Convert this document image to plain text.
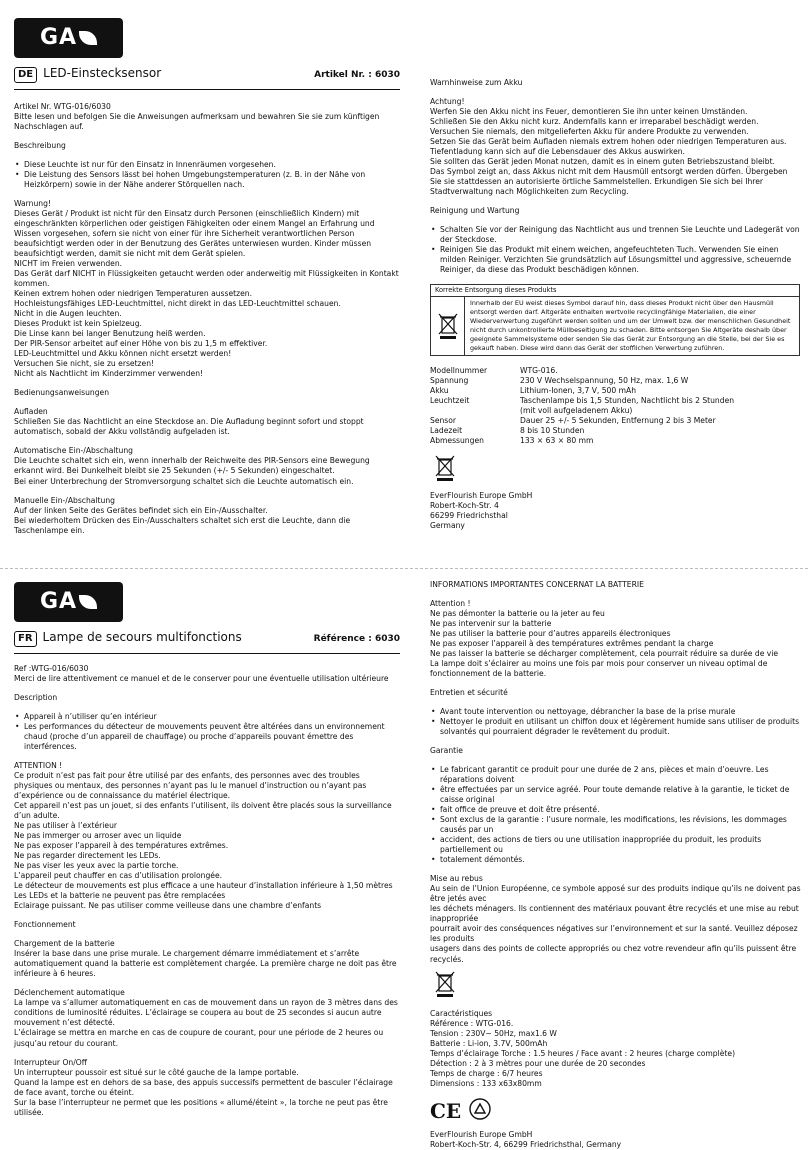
GA
DE LED-Einstecksensor	Artikel Nr. : 6030

Artikel Nr. WTG-016/6030
Bitte lesen und befolgen Sie die Anweisungen aufmerksam und bewahren Sie sie zum künftigen Nachschlagen auf.

Beschreibung

• Diese Leuchte ist nur für den Einsatz in Innenräumen vorgesehen.
• Die Leistung des Sensors lässt bei hohen Umgebungstemperaturen (z. B. in der Nähe von Heizkörpern) sowie in der Nähe anderer Störquellen nach.

Warnung!
Dieses Gerät / Produkt ist nicht für den Einsatz durch Personen (einschließlich Kindern) mit eingeschränkten körperlichen oder geistigen Fähigkeiten oder einem Mangel an Erfahrung und Wissen vorgesehen, sofern sie nicht von einer für ihre Sicherheit verantwortlichen Person beaufsichtigt werden oder in der Benutzung des Gerätes unterwiesen wurden. Kinder müssen beaufsichtigt werden, damit sie nicht mit dem Gerät spielen.
NICHT im Freien verwenden.
Das Gerät darf NICHT in Flüssigkeiten getaucht werden oder anderweitig mit Flüssigkeiten in Kontakt kommen.
Keinen extrem hohen oder niedrigen Temperaturen aussetzen.
Hochleistungsfähiges LED-Leuchtmittel, nicht direkt in das LED-Leuchtmittel schauen.
Nicht in die Augen leuchten.
Dieses Produkt ist kein Spielzeug.
Die Linse kann bei langer Benutzung heiß werden.
Der PIR-Sensor arbeitet auf einer Höhe von bis zu 1,5 m effektiver.
LED-Leuchtmittel und Akku können nicht ersetzt werden!
Versuchen Sie nicht, sie zu ersetzen!
Nicht als Nachtlicht im Kinderzimmer verwenden!

Bedienungsanweisungen

Aufladen
Schließen Sie das Nachtlicht an eine Steckdose an. Die Aufladung beginnt sofort und stoppt automatisch, sobald der Akku vollständig aufgeladen ist.

Automatische Ein-/Abschaltung
Die Leuchte schaltet sich ein, wenn innerhalb der Reichweite des PIR-Sensors eine Bewegung erkannt wird. Bei Dunkelheit bleibt sie 25 Sekunden (+/- 5 Sekunden) eingeschaltet.
Bei einer Unterbrechung der Stromversorgung schaltet sich die Leuchte automatisch ein.

Manuelle Ein-/Abschaltung
Auf der linken Seite des Gerätes befindet sich ein Ein-/Ausschalter.
Bei wiederholtem Drücken des Ein-/Ausschalters schaltet sich erst die Leuchte, dann die Taschenlampe ein.

Warnhinweise zum Akku

Achtung!
Werfen Sie den Akku nicht ins Feuer, demontieren Sie ihn unter keinen Umständen.
Schließen Sie den Akku nicht kurz. Andernfalls kann er irreparabel beschädigt werden.
Versuchen Sie niemals, den mitgelieferten Akku für andere Produkte zu verwenden.
Setzen Sie das Gerät beim Aufladen niemals extrem hohen oder niedrigen Temperaturen aus.
Tiefentladung kann sich auf die Lebensdauer des Akkus auswirken.
Sie sollten das Gerät jeden Monat nutzen, damit es in einem guten Betriebszustand bleibt.
Das Symbol zeigt an, dass Akkus nicht mit dem Hausmüll entsorgt werden dürfen. Übergeben Sie sie stattdessen an autorisierte örtliche Sammelstellen. Erkundigen Sie sich bei Ihrer Stadtverwaltung nach Möglichkeiten zum Recycling.

Reinigung und Wartung

• Schalten Sie vor der Reinigung das Nachtlicht aus und trennen Sie Leuchte und Ladegerät von der Steckdose.
• Reinigen Sie das Produkt mit einem weichen, angefeuchteten Tuch. Verwenden Sie einen milden Reiniger. Verzichten Sie grundsätzlich auf Lösungsmittel und aggressive, scheuernde Reiniger, da diese das Produkt beschädigen können.
Korrekte Entsorgung dieses Produkts
Innerhalb der EU weist dieses Symbol darauf hin, dass dieses Produkt nicht über den Hausmüll entsorgt werden darf. Altgeräte enthalten wertvolle recyclingfähige Materialien, die einer Wiederverwertung zugeführt werden sollten und um der Umwelt bzw. der menschlichen Gesundheit nicht durch unkontrollierte Müllbeseitigung zu schaden. Bitte entsorgen Sie Altgeräte deshalb über geeignete Sammelsysteme oder senden Sie das Gerät zur Entsorgung an die Stelle, bei der Sie es gekauft haben. Diese wird dann das Gerät der stofflichen Verwertung zuführen.
Modellnummer	WTG-016.
Spannung	230 V Wechselspannung, 50 Hz, max. 1,6 W
Akku	Lithium-Ionen, 3,7 V, 500 mAh
Leuchtzeit	Taschenlampe bis 1,5 Stunden, Nachtlicht bis 2 Stunden
(mit voll aufgeladenem Akku)
Sensor	Dauer 25 +/- 5 Sekunden, Entfernung 2 bis 3 Meter
Ladezeit	8 bis 10 Stunden
Abmessungen	133 × 63 × 80 mm

EverFlourish Europe GmbH
Robert-Koch-Str. 4
66299 Friedrichsthal
Germany

GA
FR Lampe de secours multifonctions	Référence : 6030

Ref :WTG-016/6030
Merci de lire attentivement ce manuel et de le conserver pour une éventuelle utilisation ultérieure

Description

• Appareil à n’utiliser qu’en intérieur
• Les performances du détecteur de mouvements peuvent être altérées dans un environnement chaud (proche d’un appareil de chauffage) ou proche d’appareils pouvant émettre des interférences.

ATTENTION !
Ce produit n’est pas fait pour être utilisé par des enfants, des personnes avec des troubles physiques ou mentaux, des personnes n’ayant pas lu le manuel d’instruction ou n’ayant pas d’expérience ou de connaissance du matériel électrique.
Cet appareil n’est pas un jouet, si des enfants l’utilisent, ils doivent être placés sous la surveillance d’un adulte.
Ne pas utiliser à l’extérieur
Ne pas immerger ou arroser avec un liquide
Ne pas exposer l’appareil à des températures extrêmes.
Ne pas regarder directement les LEDs.
Ne pas viser les yeux avec la partie torche.
L’appareil peut chauffer en cas d’utilisation prolongée.
Le détecteur de mouvements est plus efficace a une hauteur d’installation inférieure à 1,50 mètres
Les LEDs et la batterie ne peuvent pas être remplacées
Eclairage puissant. Ne pas utiliser comme veilleuse dans une chambre d’enfants

Fonctionnement

Chargement de la batterie
Insérer la base dans une prise murale. Le chargement démarre immédiatement et s’arrête automatiquement quand la batterie est complètement chargée. La première charge ne doit pas être inférieure à 6 heures.

Déclenchement automatique
La lampe va s’allumer automatiquement en cas de mouvement dans un rayon de 3 mètres dans des conditions de luminosité réduites. L’éclairage se coupera au bout de 25 secondes si aucun autre mouvement n’est détecté.
L’éclairage se mettra en marche en cas de coupure de courant, pour une période de 2 heures ou jusqu’au retour du courant.

Interrupteur On/Off
Un interrupteur poussoir est situé sur le côté gauche de la lampe portable.
Quand la lampe est en dehors de sa base, des appuis successifs permettent de basculer l’éclairage de face avant, torche ou éteint.
Sur la base l’interrupteur ne permet que les positions « allumé/éteint », la torche ne peut pas être utilisée.

INFORMATIONS IMPORTANTES CONCERNAT LA BATTERIE

Attention !
Ne pas démonter la batterie ou la jeter au feu
Ne pas intervenir sur la batterie
Ne pas utiliser la batterie pour d’autres appareils électroniques
Ne pas exposer l’appareil à des températures extrêmes pendant la charge
Ne pas laisser la batterie se décharger complètement, cela pourrait réduire sa durée de vie
La lampe doit s’éclairer au moins une fois par mois pour conserver un niveau optimal de fonctionnement de la batterie.

Entretien et sécurité

• Avant toute intervention ou nettoyage, débrancher la base de la prise murale
• Nettoyer le produit en utilisant un chiffon doux et légèrement humide sans utiliser de produits solvantés qui pourraient dégrader le revêtement du produit.

Garantie

• Le fabricant garantit ce produit pour une durée de 2 ans, pièces et main d’oeuvre. Les réparations doivent
• être effectuées par un service agréé. Pour toute demande relative à la garantie, le ticket de caisse original
• fait office de preuve et doit être présenté.
• Sont exclus de la garantie : l’usure normale, les modifications, les révisions, les dommages causés par un
• accident, des actions de tiers ou une utilisation inappropriée du produit, les produits partiellement ou
• totalement démontés.

Mise au rebus
Au sein de l’Union Européenne, ce symbole apposé sur des produits indique qu’ils ne doivent pas être jetés avec
les déchets ménagers. Ils contiennent des matériaux pouvant être recyclés et une mise au rebut inappropriée
pourrait avoir des conséquences négatives sur l’environnement et sur la santé. Veuillez déposez les produits
usagers dans des points de collecte appropriés ou chez votre revendeur afin qu’ils puissent être recyclés.

Caractéristiques
Référence : WTG-016.
Tension : 230V~ 50Hz, max1.6 W
Batterie : Li-ion, 3.7V, 500mAh
Temps d’éclairage Torche : 1.5 heures / Face avant : 2 heures (charge complète)
Détection : 2 à 3 mètres pour une durée de 20 secondes
Temps de charge : 6/7 heures
Dimensions : 133 x63x80mm

CE

EverFlourish Europe GmbH
Robert-Koch-Str. 4, 66299 Friedrichsthal, Germany
